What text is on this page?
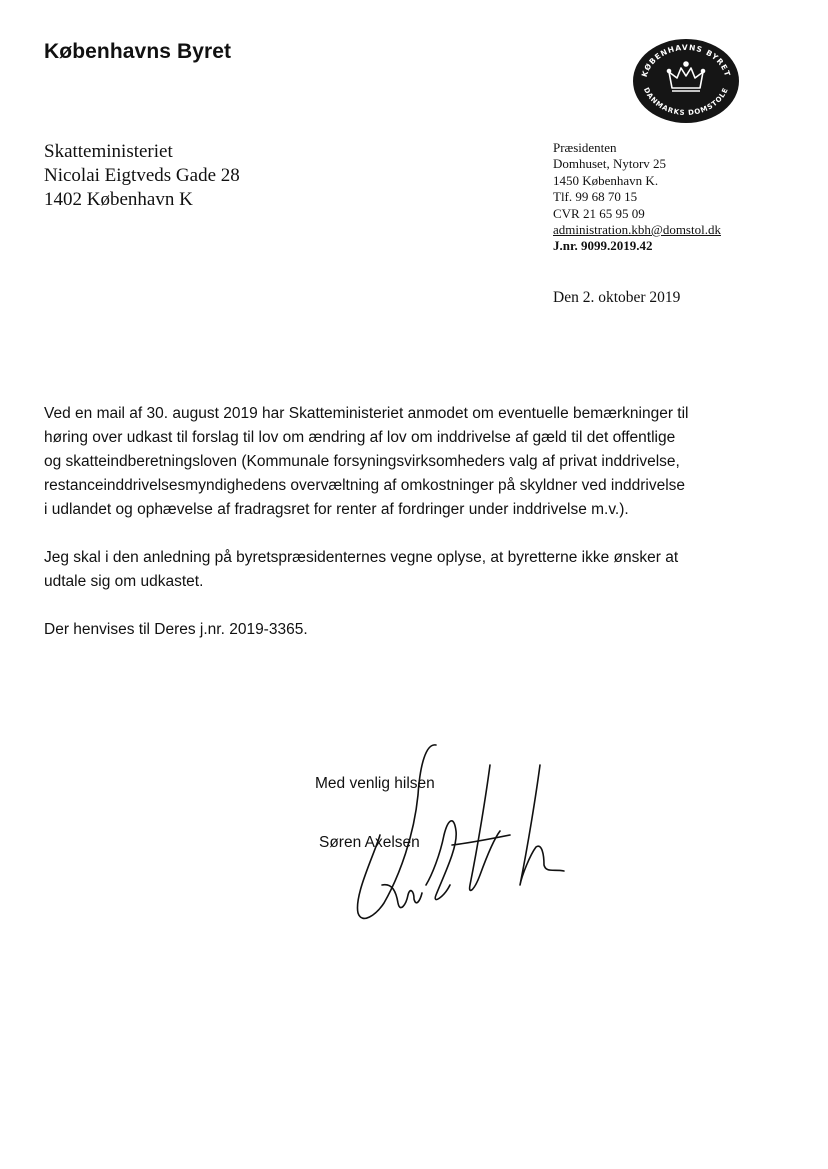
Københavns Byret
KØBENHAVNS BYRET
DANMARKS DOMSTOLE
Skatteministeriet
Nicolai Eigtveds Gade 28
1402 København K
Præsidenten
Domhuset, Nytorv 25
1450 København K.
Tlf. 99 68 70 15
CVR 21 65 95 09
administration.kbh@domstol.dk
J.nr. 9099.2019.42
Den 2. oktober 2019

Ved en mail af 30. august 2019 har Skatteministeriet anmodet om eventuelle bemærkninger til
høring over udkast til forslag til lov om ændring af lov om inddrivelse af gæld til det offentlige
og skatteindberetningsloven (Kommunale forsyningsvirksomheders valg af privat inddrivelse,
restanceinddrivelsesmyndighedens overvæltning af omkostninger på skyldner ved inddrivelse
i udlandet og ophævelse af fradragsret for renter af fordringer under inddrivelse m.v.).

Jeg skal i den anledning på byretspræsidenternes vegne oplyse, at byretterne ikke ønsker at
udtale sig om udkastet.

Der henvises til Deres j.nr. 2019-3365.

Med venlig hilsen
Søren Axelsen
